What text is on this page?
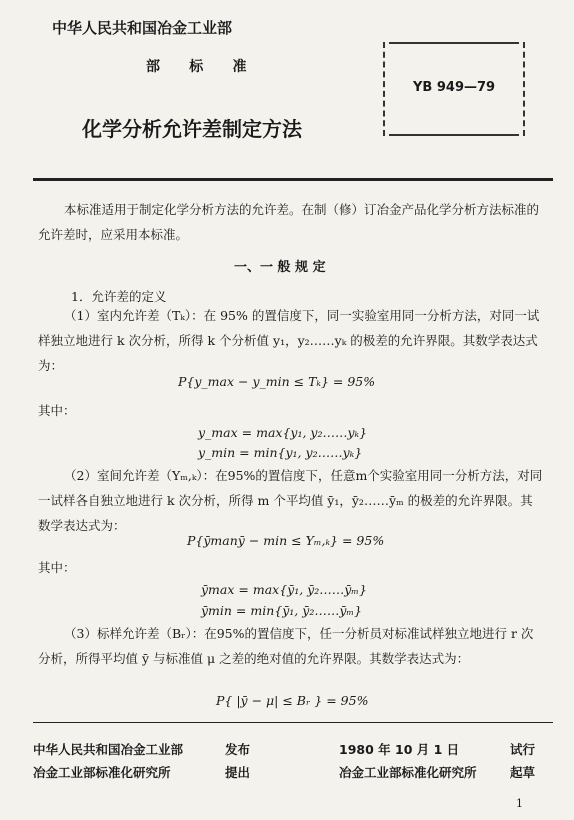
中华人民共和国冶金工业部
部      标      准
YB 949—79
化学分析允许差制定方法
本标准适用于制定化学分析方法的允许差。在制（修）订冶金产品化学分析方法标准的允许差时，应采用本标准。
一、一 般 规 定
1．允许差的定义
（1）室内允许差（Tₖ）：在 95% 的置信度下，同一实验室用同一分析方法，对同一试样独立地进行 k 次分析，所得 k 个分析值 y₁，y₂……yₖ 的极差的允许界限。其数学表达式为：
P{y_max − y_min ≤ Tₖ} = 95%
其中：
y_max = max{y₁, y₂……yₖ}
y_min = min{y₁, y₂……yₖ}
（2）室间允许差（Yₘ,ₖ）：在95%的置信度下，任意m个实验室用同一分析方法，对同一试样各自独立地进行 k 次分析，所得 m 个平均值 ȳ₁，ȳ₂……ȳₘ 的极差的允许界限。其数学表达式为：
P{ȳmanȳ − min ≤ Yₘ,ₖ} = 95%
其中：
ȳmax = max{ȳ₁, ȳ₂……ȳₘ}
ȳmin = min{ȳ₁, ȳ₂……ȳₘ}
（3）标样允许差（Bᵣ）：在95%的置信度下，任一分析员对标准试样独立地进行 r 次分析，所得平均值 ȳ 与标准值 μ 之差的绝对值的允许界限。其数学表达式为：
P{ |ȳ − μ| ≤ Bᵣ } = 95%
中华人民共和国冶金工业部	发布	1980 年 10 月 1 日	试行
冶金工业部标准化研究所	提出	冶金工业部标准化研究所	起草
1
